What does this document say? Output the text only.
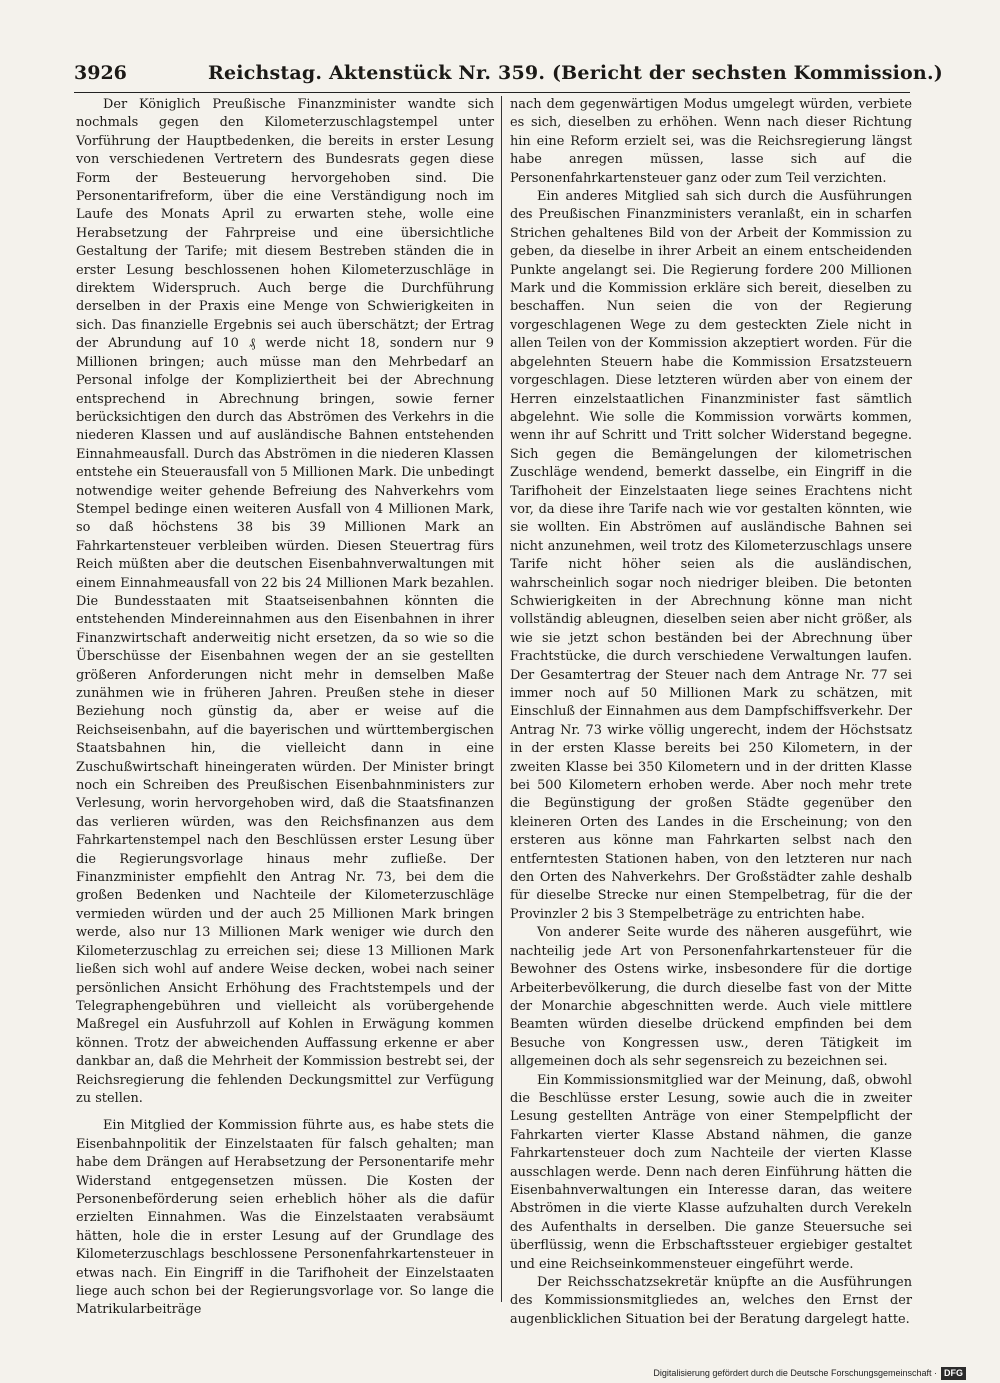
3926	Reichstag. Aktenstück Nr. 359. (Bericht der sechsten Kommission.)

Der Königlich Preußische Finanzminister wandte sich nochmals gegen den Kilometerzuschlagstempel unter Vorführung der Hauptbedenken, die bereits in erster Lesung von verschiedenen Vertretern des Bundesrats gegen diese Form der Besteuerung hervorgehoben sind. Die Personentarifreform, über die eine Verständigung noch im Laufe des Monats April zu erwarten stehe, wolle eine Herabsetzung der Fahrpreise und eine übersichtliche Gestaltung der Tarife; mit diesem Bestreben ständen die in erster Lesung beschlossenen hohen Kilometerzuschläge in direktem Widerspruch. Auch berge die Durchführung derselben in der Praxis eine Menge von Schwierigkeiten in sich. Das finanzielle Ergebnis sei auch überschätzt; der Ertrag der Abrundung auf 10 ₰ werde nicht 18, sondern nur 9 Millionen bringen; auch müsse man den Mehrbedarf an Personal infolge der Kompliziertheit bei der Abrechnung entsprechend in Abrechnung bringen, sowie ferner berücksichtigen den durch das Abströmen des Verkehrs in die niederen Klassen und auf ausländische Bahnen entstehenden Einnahmeausfall. Durch das Abströmen in die niederen Klassen entstehe ein Steuerausfall von 5 Millionen Mark. Die unbedingt notwendige weiter gehende Befreiung des Nahverkehrs vom Stempel bedinge einen weiteren Ausfall von 4 Millionen Mark, so daß höchstens 38 bis 39 Millionen Mark an Fahrkartensteuer verbleiben würden. Diesen Steuertrag fürs Reich müßten aber die deutschen Eisenbahnverwaltungen mit einem Einnahmeausfall von 22 bis 24 Millionen Mark bezahlen. Die Bundesstaaten mit Staatseisenbahnen könnten die entstehenden Mindereinnahmen aus den Eisenbahnen in ihrer Finanzwirtschaft anderweitig nicht ersetzen, da so wie so die Überschüsse der Eisenbahnen wegen der an sie gestellten größeren Anforderungen nicht mehr in demselben Maße zunähmen wie in früheren Jahren. Preußen stehe in dieser Beziehung noch günstig da, aber er weise auf die Reichseisenbahn, auf die bayerischen und württembergischen Staatsbahnen hin, die vielleicht dann in eine Zuschußwirtschaft hineingeraten würden. Der Minister bringt noch ein Schreiben des Preußischen Eisenbahnministers zur Verlesung, worin hervorgehoben wird, daß die Staatsfinanzen das verlieren würden, was den Reichsfinanzen aus dem Fahrkartenstempel nach den Beschlüssen erster Lesung über die Regierungsvorlage hinaus mehr zufließe. Der Finanzminister empfiehlt den Antrag Nr. 73, bei dem die großen Bedenken und Nachteile der Kilometerzuschläge vermieden würden und der auch 25 Millionen Mark bringen werde, also nur 13 Millionen Mark weniger wie durch den Kilometerzuschlag zu erreichen sei; diese 13 Millionen Mark ließen sich wohl auf andere Weise decken, wobei nach seiner persönlichen Ansicht Erhöhung des Frachtstempels und der Telegraphengebühren und vielleicht als vorübergehende Maßregel ein Ausfuhrzoll auf Kohlen in Erwägung kommen können. Trotz der abweichenden Auffassung erkenne er aber dankbar an, daß die Mehrheit der Kommission bestrebt sei, der Reichsregierung die fehlenden Deckungsmittel zur Verfügung zu stellen.

Ein Mitglied der Kommission führte aus, es habe stets die Eisenbahnpolitik der Einzelstaaten für falsch gehalten; man habe dem Drängen auf Herabsetzung der Personentarife mehr Widerstand entgegensetzen müssen. Die Kosten der Personenbeförderung seien erheblich höher als die dafür erzielten Einnahmen. Was die Einzelstaaten verabsäumt hätten, hole die in erster Lesung auf der Grundlage des Kilometerzuschlags beschlossene Personenfahrkartensteuer in etwas nach. Ein Eingriff in die Tarifhoheit der Einzelstaaten liege auch schon bei der Regierungsvorlage vor. So lange die Matrikularbeiträge

nach dem gegenwärtigen Modus umgelegt würden, verbiete es sich, dieselben zu erhöhen. Wenn nach dieser Richtung hin eine Reform erzielt sei, was die Reichsregierung längst habe anregen müssen, lasse sich auf die Personenfahrkartensteuer ganz oder zum Teil verzichten.

Ein anderes Mitglied sah sich durch die Ausführungen des Preußischen Finanzministers veranlaßt, ein in scharfen Strichen gehaltenes Bild von der Arbeit der Kommission zu geben, da dieselbe in ihrer Arbeit an einem entscheidenden Punkte angelangt sei. Die Regierung fordere 200 Millionen Mark und die Kommission erkläre sich bereit, dieselben zu beschaffen. Nun seien die von der Regierung vorgeschlagenen Wege zu dem gesteckten Ziele nicht in allen Teilen von der Kommission akzeptiert worden. Für die abgelehnten Steuern habe die Kommission Ersatzsteuern vorgeschlagen. Diese letzteren würden aber von einem der Herren einzelstaatlichen Finanzminister fast sämtlich abgelehnt. Wie solle die Kommission vorwärts kommen, wenn ihr auf Schritt und Tritt solcher Widerstand begegne. Sich gegen die Bemängelungen der kilometrischen Zuschläge wendend, bemerkt dasselbe, ein Eingriff in die Tarifhoheit der Einzelstaaten liege seines Erachtens nicht vor, da diese ihre Tarife nach wie vor gestalten könnten, wie sie wollten. Ein Abströmen auf ausländische Bahnen sei nicht anzunehmen, weil trotz des Kilometerzuschlags unsere Tarife nicht höher seien als die ausländischen, wahrscheinlich sogar noch niedriger bleiben. Die betonten Schwierigkeiten in der Abrechnung könne man nicht vollständig ableugnen, dieselben seien aber nicht größer, als wie sie jetzt schon beständen bei der Abrechnung über Frachtstücke, die durch verschiedene Verwaltungen laufen. Der Gesamtertrag der Steuer nach dem Antrage Nr. 77 sei immer noch auf 50 Millionen Mark zu schätzen, mit Einschluß der Einnahmen aus dem Dampfschiffsverkehr. Der Antrag Nr. 73 wirke völlig ungerecht, indem der Höchstsatz in der ersten Klasse bereits bei 250 Kilometern, in der zweiten Klasse bei 350 Kilometern und in der dritten Klasse bei 500 Kilometern erhoben werde. Aber noch mehr trete die Begünstigung der großen Städte gegenüber den kleineren Orten des Landes in die Erscheinung; von den ersteren aus könne man Fahrkarten selbst nach den entferntesten Stationen haben, von den letzteren nur nach den Orten des Nahverkehrs. Der Großstädter zahle deshalb für dieselbe Strecke nur einen Stempelbetrag, für die der Provinzler 2 bis 3 Stempelbeträge zu entrichten habe.

Von anderer Seite wurde des näheren ausgeführt, wie nachteilig jede Art von Personenfahrkartensteuer für die Bewohner des Ostens wirke, insbesondere für die dortige Arbeiterbevölkerung, die durch dieselbe fast von der Mitte der Monarchie abgeschnitten werde. Auch viele mittlere Beamten würden dieselbe drückend empfinden bei dem Besuche von Kongressen usw., deren Tätigkeit im allgemeinen doch als sehr segensreich zu bezeichnen sei.

Ein Kommissionsmitglied war der Meinung, daß, obwohl die Beschlüsse erster Lesung, sowie auch die in zweiter Lesung gestellten Anträge von einer Stempelpflicht der Fahrkarten vierter Klasse Abstand nähmen, die ganze Fahrkartensteuer doch zum Nachteile der vierten Klasse ausschlagen werde. Denn nach deren Einführung hätten die Eisenbahnverwaltungen ein Interesse daran, das weitere Abströmen in die vierte Klasse aufzuhalten durch Verekeln des Aufenthalts in derselben. Die ganze Steuersuche sei überflüssig, wenn die Erbschaftssteuer ergiebiger gestaltet und eine Reichseinkommensteuer eingeführt werde.

Der Reichsschatzsekretär knüpfte an die Ausführungen des Kommissionsmitgliedes an, welches den Ernst der augenblicklichen Situation bei der Beratung dargelegt hatte.

Digitalisierung gefördert durch die Deutsche Forschungsgemeinschaft · DFG
